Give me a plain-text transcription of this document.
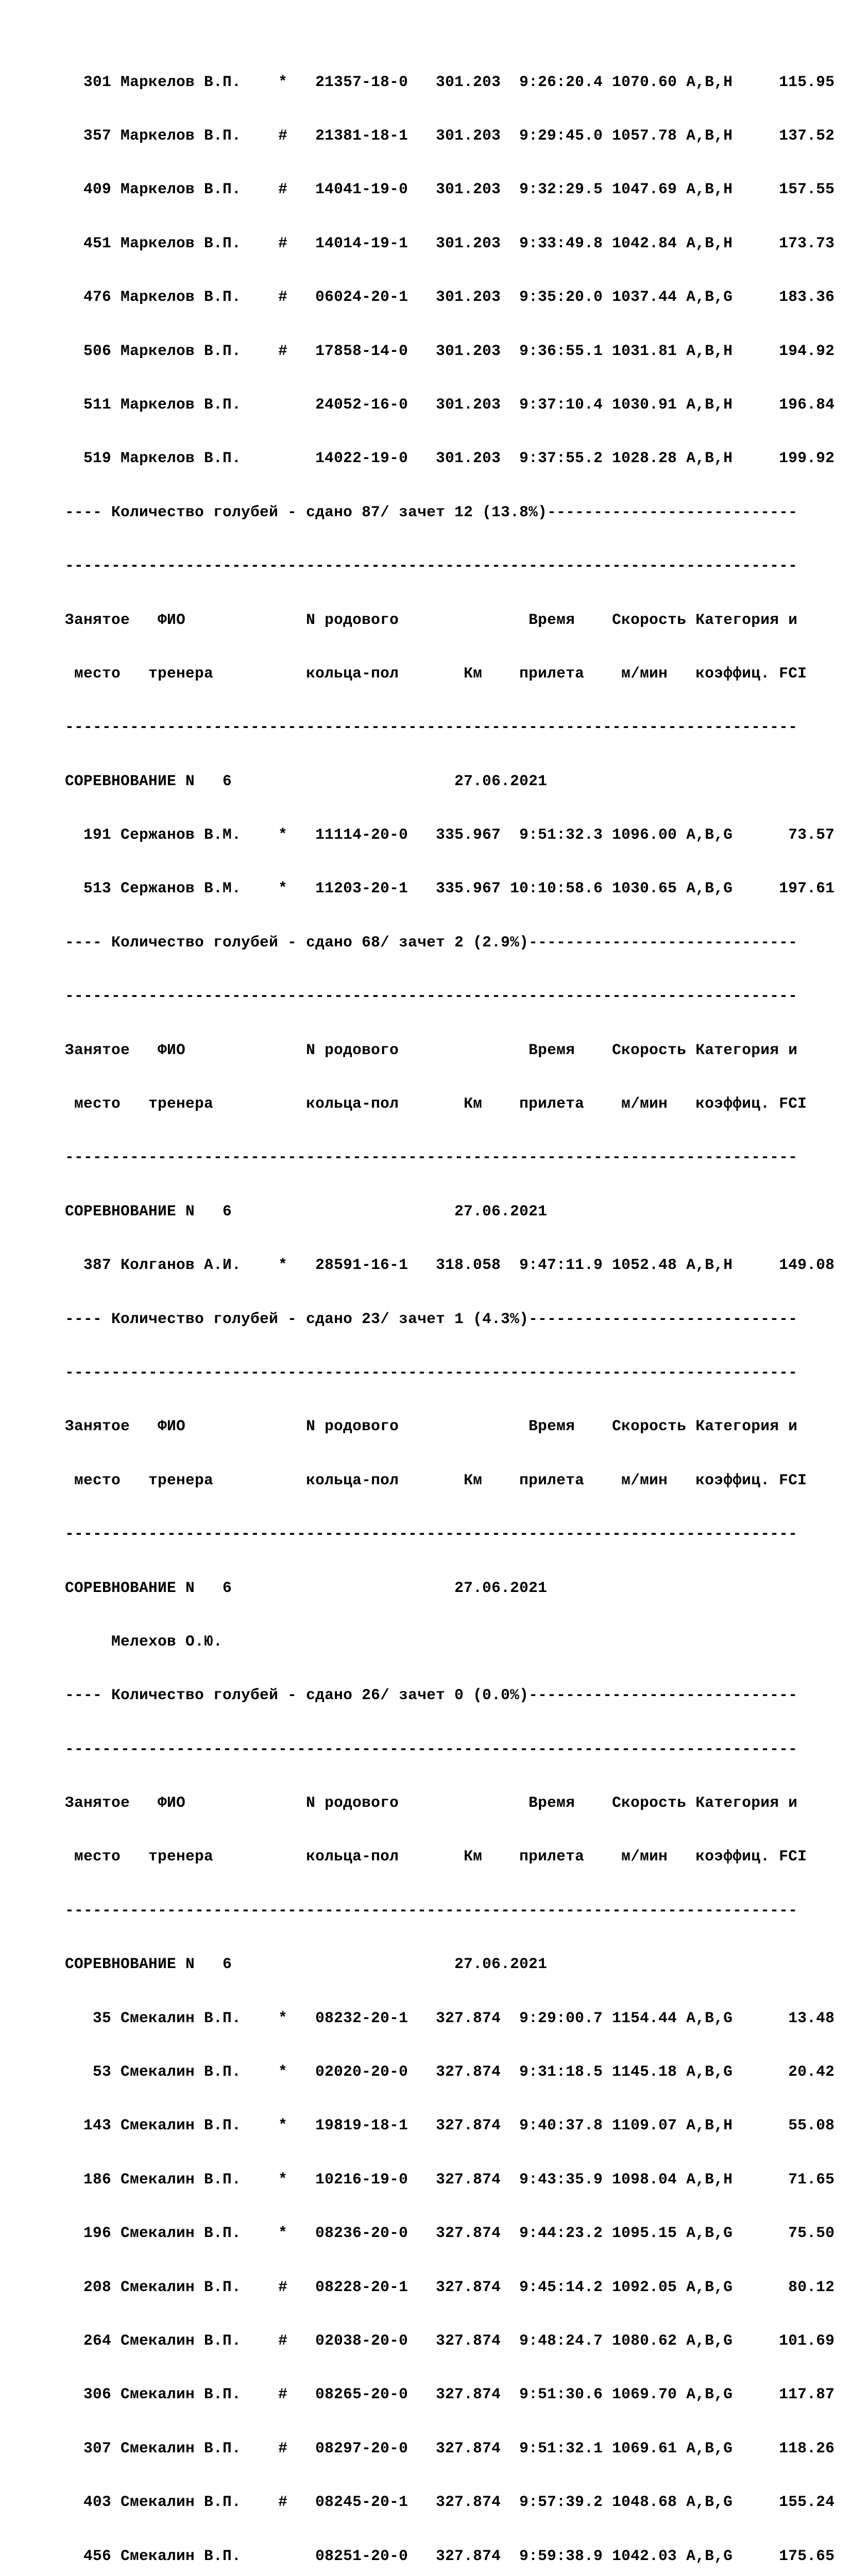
301 Маркелов В.П.    *   21357-18-0   301.203  9:26:20.4 1070.60 A,B,H     115.95

357 Маркелов В.П.    #   21381-18-1   301.203  9:29:45.0 1057.78 A,B,H     137.52

409 Маркелов В.П.    #   14041-19-0   301.203  9:32:29.5 1047.69 A,B,H     157.55

451 Маркелов В.П.    #   14014-19-1   301.203  9:33:49.8 1042.84 A,B,H     173.73

476 Маркелов В.П.    #   06024-20-1   301.203  9:35:20.0 1037.44 A,B,G     183.36

506 Маркелов В.П.    #   17858-14-0   301.203  9:36:55.1 1031.81 A,B,H     194.92

511 Маркелов В.П.        24052-16-0   301.203  9:37:10.4 1030.91 A,B,H     196.84

519 Маркелов В.П.        14022-19-0   301.203  9:37:55.2 1028.28 A,B,H     199.92

---- Количество голубей - сдано 87/ зачет 12 (13.8%)---------------------------

-------------------------------------------------------------------------------

Занятое   ФИО             N родового              Время    Скорость Категория и

место   тренера          кольца-пол       Км    прилета    м/мин   коэффиц. FCI

-------------------------------------------------------------------------------

СОРЕВНОВАНИЕ N   6                        27.06.2021

191 Сержанов В.М.    *   11114-20-0   335.967  9:51:32.3 1096.00 A,B,G      73.57

513 Сержанов В.М.    *   11203-20-1   335.967 10:10:58.6 1030.65 A,B,G     197.61

---- Количество голубей - сдано 68/ зачет 2 (2.9%)-----------------------------

-------------------------------------------------------------------------------

Занятое   ФИО             N родового              Время    Скорость Категория и

место   тренера          кольца-пол       Км    прилета    м/мин   коэффиц. FCI

-------------------------------------------------------------------------------

СОРЕВНОВАНИЕ N   6                        27.06.2021

387 Колганов А.И.    *   28591-16-1   318.058  9:47:11.9 1052.48 A,B,H     149.08

---- Количество голубей - сдано 23/ зачет 1 (4.3%)-----------------------------

-------------------------------------------------------------------------------

Занятое   ФИО             N родового              Время    Скорость Категория и

место   тренера          кольца-пол       Км    прилета    м/мин   коэффиц. FCI

-------------------------------------------------------------------------------

СОРЕВНОВАНИЕ N   6                        27.06.2021

Мелехов О.Ю.

---- Количество голубей - сдано 26/ зачет 0 (0.0%)-----------------------------

-------------------------------------------------------------------------------

Занятое   ФИО             N родового              Время    Скорость Категория и

место   тренера          кольца-пол       Км    прилета    м/мин   коэффиц. FCI

-------------------------------------------------------------------------------

СОРЕВНОВАНИЕ N   6                        27.06.2021

35 Смекалин В.П.    *   08232-20-1   327.874  9:29:00.7 1154.44 A,B,G      13.48

53 Смекалин В.П.    *   02020-20-0   327.874  9:31:18.5 1145.18 A,B,G      20.42

143 Смекалин В.П.    *   19819-18-1   327.874  9:40:37.8 1109.07 A,B,H      55.08

186 Смекалин В.П.    *   10216-19-0   327.874  9:43:35.9 1098.04 A,B,H      71.65

196 Смекалин В.П.    *   08236-20-0   327.874  9:44:23.2 1095.15 A,B,G      75.50

208 Смекалин В.П.    #   08228-20-1   327.874  9:45:14.2 1092.05 A,B,G      80.12

264 Смекалин В.П.    #   02038-20-0   327.874  9:48:24.7 1080.62 A,B,G     101.69

306 Смекалин В.П.    #   08265-20-0   327.874  9:51:30.6 1069.70 A,B,G     117.87

307 Смекалин В.П.    #   08297-20-0   327.874  9:51:32.1 1069.61 A,B,G     118.26

403 Смекалин В.П.    #   08245-20-1   327.874  9:57:39.2 1048.68 A,B,G     155.24

456 Смекалин В.П.        08251-20-0   327.874  9:59:38.9 1042.03 A,B,G     175.65
